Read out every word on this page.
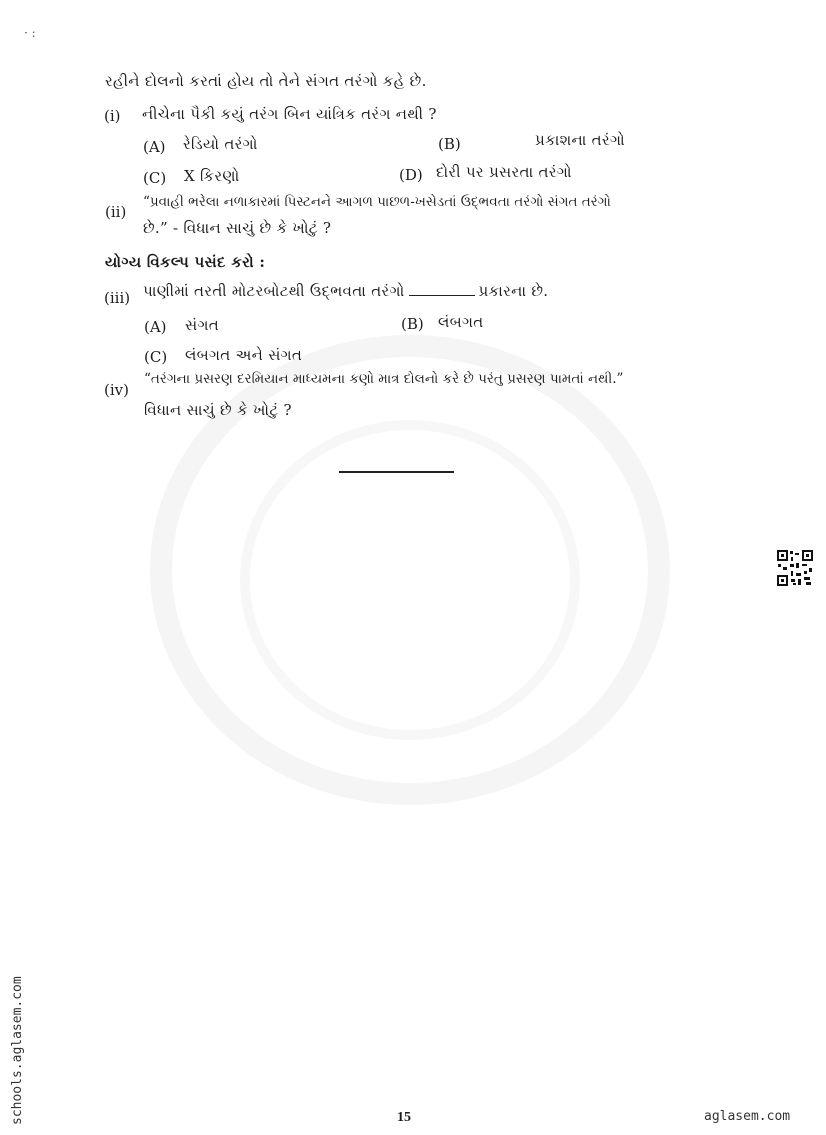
· :
રહીને દોલનો કરતાં હોય તો તેને સંગત તરંગો કહે છે.
(i) નીચેના પૈકી કયું તરંગ બિન યાંત્રિક તરંગ નથી ?
(A) રેડિયો તરંગો	(B)	પ્રકાશના તરંગો
(C) X કિરણો	(D) દોરી પર પ્રસરતા તરંગો
(ii)
“પ્રવાહી ભરેલા નળાકારમાં પિસ્ટનને આગળ પાછળ-ખસેડતાં ઉદ્ભવતા તરંગો સંગત તરંગો
છે.” - વિધાન સાચું છે કે ખોટું ?
યોગ્ય વિકલ્પ પસંદ કરો :
(iii) પાણીમાં તરતી મોટરબોટથી ઉદ્ભવતા તરંગો	પ્રકારના છે.
(A) સંગત	(B) લંબગત
(C) લંબગત અને સંગત
(iv)
“તરંગના પ્રસરણ દરમિયાન માધ્યમના કણો માત્ર દોલનો કરે છે પરંતુ પ્રસરણ પામતાં નથી.”
વિધાન સાચું છે કે ખોટું ?
schools.aglasem.com	15	aglasem.com
